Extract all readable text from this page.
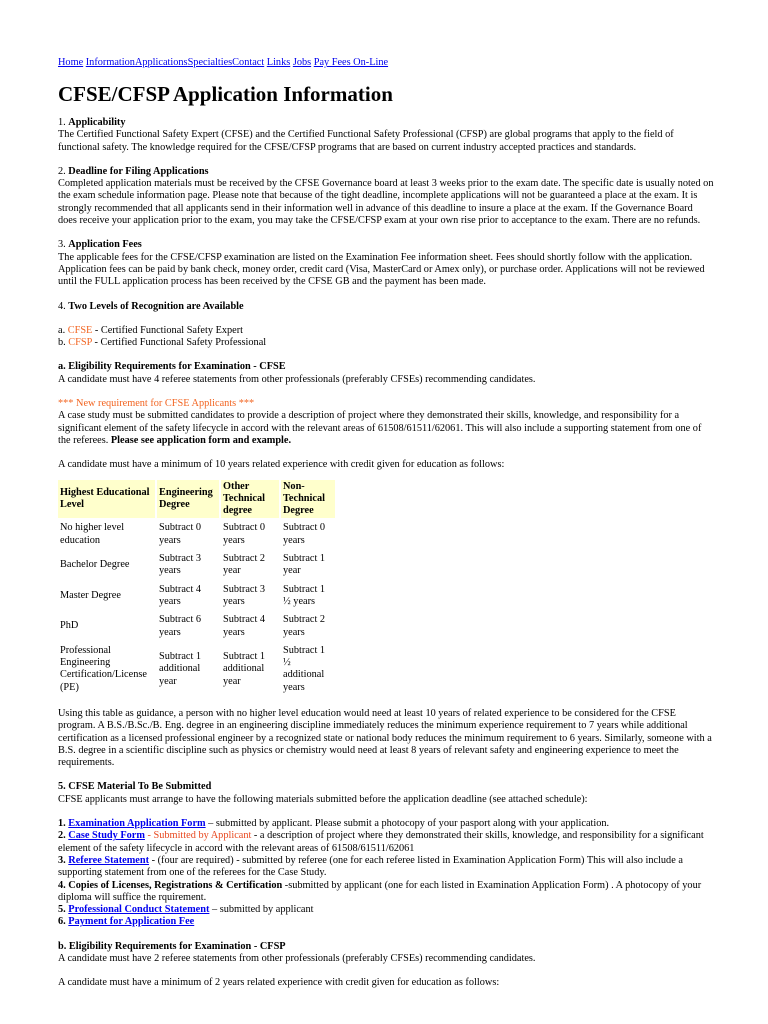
Home InformationApplicationsSpecialtiesContact Links Jobs Pay Fees On-Line
CFSE/CFSP Application Information

1. Applicability

The Certified Functional Safety Expert (CFSE) and the Certified Functional Safety Professional (CFSP) are global programs that apply to the field of functional safety. The knowledge required for the CFSE/CFSP programs that are based on current industry accepted practices and standards.

2. Deadline for Filing Applications

Completed application materials must be received by the CFSE Governance board at least 3 weeks prior to the exam date. The specific date is usually noted on the exam schedule information page. Please note that because of the tight deadline, incomplete applications will not be guaranteed a place at the exam. It is strongly recommended that all applicants send in their information well in advance of this deadline to insure a place at the exam. If the Governance Board does receive your application prior to the exam, you may take the CFSE/CFSP exam at your own rise prior to acceptance to the exam. There are no refunds.

3. Application Fees

The applicable fees for the CFSE/CFSP examination are listed on the Examination Fee information sheet. Fees should shortly follow with the application. Application fees can be paid by bank check, money order, credit card (Visa, MasterCard or Amex only), or purchase order. Applications will not be reviewed until the FULL application process has been received by the CFSE GB and the payment has been made.

4. Two Levels of Recognition are Available

a. CFSE - Certified Functional Safety Expert

b. CFSP - Certified Functional Safety Professional

a. Eligibility Requirements for Examination - CFSE

A candidate must have 4 referee statements from other professionals (preferably CFSEs) recommending candidates.

*** New requirement for CFSE Applicants ***

A case study must be submitted candidates to provide a description of project where they demonstrated their skills, knowledge, and responsibility for a significant element of the safety lifecycle in accord with the relevant areas of 61508/61511/62061. This will also include a supporting statement from one of the referees. Please see application form and example.

A candidate must have a minimum of 10 years related experience with credit given for education as follows:

Highest Educational Level	Engineering Degree	Other Technical degree	Non-Technical Degree
No higher level education	Subtract 0 years	Subtract 0 years	Subtract 0 years
Bachelor Degree	Subtract 3 years	Subtract 2 year	Subtract 1 year
Master Degree	Subtract 4 years	Subtract 3 years	Subtract 1 ½ years
PhD	Subtract 6 years	Subtract 4 years	Subtract 2 years
Professional Engineering Certification/License (PE)	Subtract 1 additional year	Subtract 1 additional year	Subtract 1 ½ additional years

Using this table as guidance, a person with no higher level education would need at least 10 years of related experience to be considered for the CFSE program. A B.S./B.Sc./B. Eng. degree in an engineering discipline immediately reduces the minimum experience requirement to 7 years while additional certification as a licensed professional engineer by a recognized state or national body reduces the minimum requirement to 6 years. Similarly, someone with a B.S. degree in a scientific discipline such as physics or chemistry would need at least 8 years of relevant safety and engineering experience to meet the requirements.

5. CFSE Material To Be Submitted

CFSE applicants must arrange to have the following materials submitted before the application deadline (see attached schedule):

1. Examination Application Form – submitted by applicant. Please submit a photocopy of your pasport along with your application.
2. Case Study Form - Submitted by Applicant - a description of project where they demonstrated their skills, knowledge, and responsibility for a significant element of the safety lifecycle in accord with the relevant areas of 61508/61511/62061
3. Referee Statement - (four are required) - submitted by referee (one for each referee listed in Examination Application Form) This will also include a supporting statement from one of the referees for the Case Study.
4. Copies of Licenses, Registrations & Certification -submitted by applicant (one for each listed in Examination Application Form) . A photocopy of your diploma will suffice the rquirement.
5. Professional Conduct Statement – submitted by applicant
6. Payment for Application Fee

b. Eligibility Requirements for Examination - CFSP

A candidate must have 2 referee statements from other professionals (preferably CFSEs) recommending candidates.

A candidate must have a minimum of 2 years related experience with credit given for education as follows:
